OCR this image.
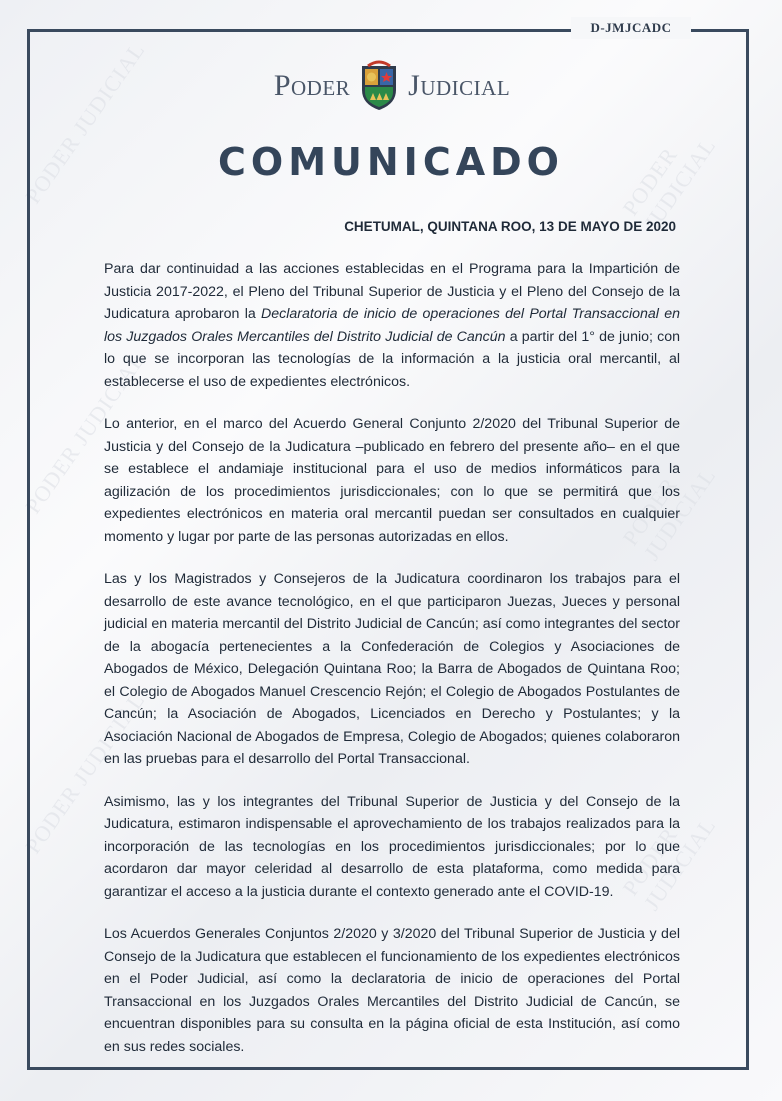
PODER JUDICIAL	PODER JUDICIAL
PODER JUDICIAL	PODER JUDICIAL
PODER JUDICIAL
PODER JUDICIAL
D-JMJCADC
Poder Judicial
COMUNICADO
CHETUMAL, QUINTANA ROO, 13 DE MAYO DE 2020

Para dar continuidad a las acciones establecidas en el Programa para la Impartición de Justicia 2017-2022, el Pleno del Tribunal Superior de Justicia y el Pleno del Consejo de la Judicatura aprobaron la Declaratoria de inicio de operaciones del Portal Transaccional en los Juzgados Orales Mercantiles del Distrito Judicial de Cancún a partir del 1° de junio; con lo que se incorporan las tecnologías de la información a la justicia oral mercantil, al establecerse el uso de expedientes electrónicos.

Lo anterior, en el marco del Acuerdo General Conjunto 2/2020 del Tribunal Superior de Justicia y del Consejo de la Judicatura –publicado en febrero del presente año– en el que se establece el andamiaje institucional para el uso de medios informáticos para la agilización de los procedimientos jurisdiccionales; con lo que se permitirá que los expedientes electrónicos en materia oral mercantil puedan ser consultados en cualquier momento y lugar por parte de las personas autorizadas en ellos.

Las y los Magistrados y Consejeros de la Judicatura coordinaron los trabajos para el desarrollo de este avance tecnológico, en el que participaron Juezas, Jueces y personal judicial en materia mercantil del Distrito Judicial de Cancún; así como integrantes del sector de la abogacía pertenecientes a la Confederación de Colegios y Asociaciones de Abogados de México, Delegación Quintana Roo; la Barra de Abogados de Quintana Roo; el Colegio de Abogados Manuel Crescencio Rejón; el Colegio de Abogados Postulantes de Cancún; la Asociación de Abogados, Licenciados en Derecho y Postulantes; y la Asociación Nacional de Abogados de Empresa, Colegio de Abogados; quienes colaboraron en las pruebas para el desarrollo del Portal Transaccional.

Asimismo, las y los integrantes del Tribunal Superior de Justicia y del Consejo de la Judicatura, estimaron indispensable el aprovechamiento de los trabajos realizados para la incorporación de las tecnologías en los procedimientos jurisdiccionales; por lo que acordaron dar mayor celeridad al desarrollo de esta plataforma, como medida para garantizar el acceso a la justicia durante el contexto generado ante el COVID-19.

Los Acuerdos Generales Conjuntos 2/2020 y 3/2020 del Tribunal Superior de Justicia y del Consejo de la Judicatura que establecen el funcionamiento de los expedientes electrónicos en el Poder Judicial, así como la declaratoria de inicio de operaciones del Portal Transaccional en los Juzgados Orales Mercantiles del Distrito Judicial de Cancún, se encuentran disponibles para su consulta en la página oficial de esta Institución, así como en sus redes sociales.
